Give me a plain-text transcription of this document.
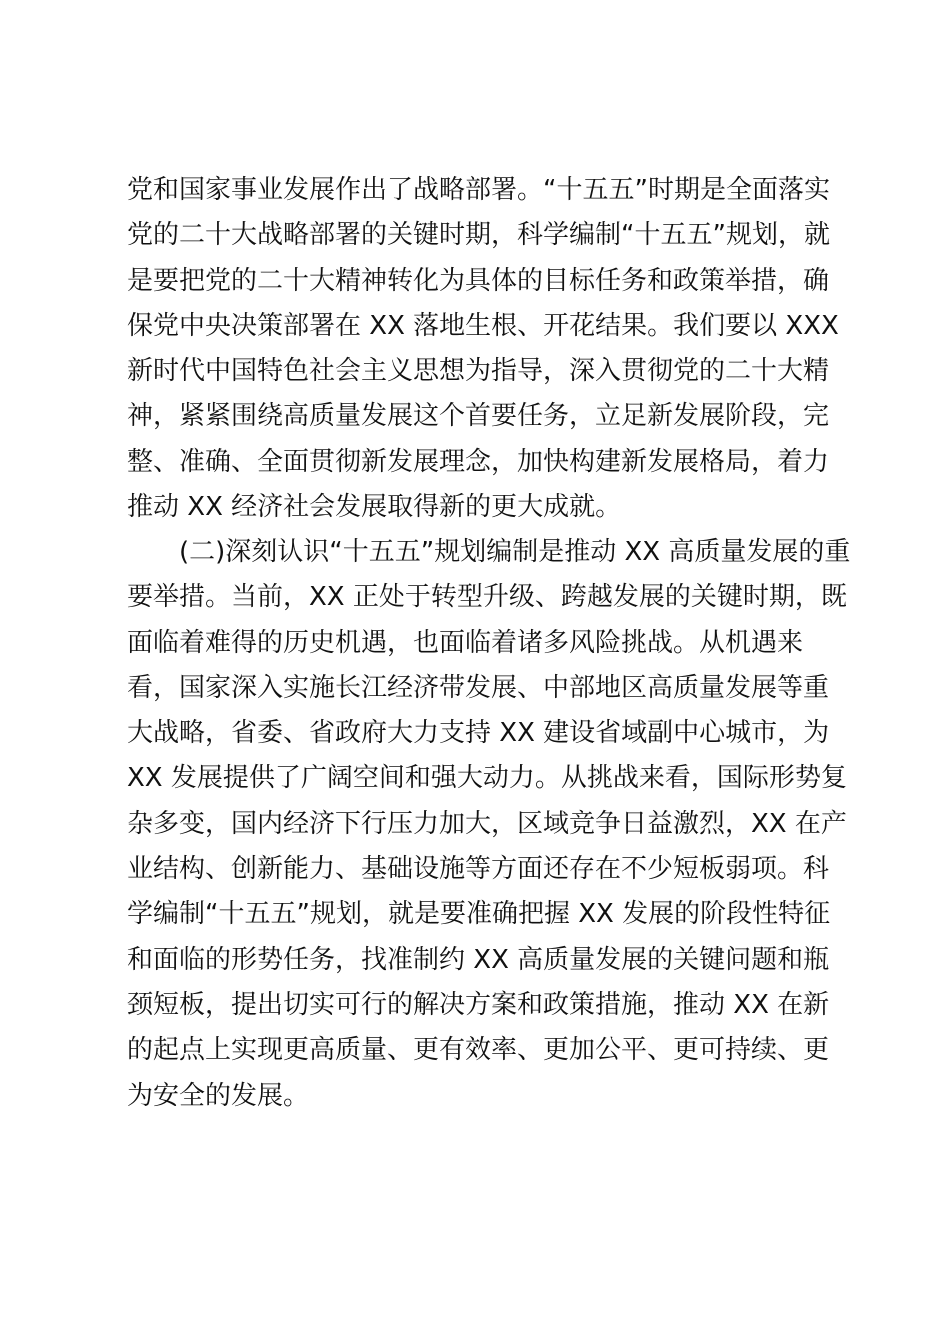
党和国家事业发展作出了战略部署。“十五五”时期是全面落实
党的二十大战略部署的关键时期，科学编制“十五五”规划，就
是要把党的二十大精神转化为具体的目标任务和政策举措，确
保党中央决策部署在 XX 落地生根、开花结果。我们要以 XXX
新时代中国特色社会主义思想为指导，深入贯彻党的二十大精
神，紧紧围绕高质量发展这个首要任务，立足新发展阶段，完
整、准确、全面贯彻新发展理念，加快构建新发展格局，着力
推动 XX 经济社会发展取得新的更大成就。
(二)深刻认识“十五五”规划编制是推动 XX 高质量发展的重
要举措。当前，XX 正处于转型升级、跨越发展的关键时期，既
面临着难得的历史机遇，也面临着诸多风险挑战。从机遇来
看，国家深入实施长江经济带发展、中部地区高质量发展等重
大战略，省委、省政府大力支持 XX 建设省域副中心城市，为
XX 发展提供了广阔空间和强大动力。从挑战来看，国际形势复
杂多变，国内经济下行压力加大，区域竞争日益激烈，XX 在产
业结构、创新能力、基础设施等方面还存在不少短板弱项。科
学编制“十五五”规划，就是要准确把握 XX 发展的阶段性特征
和面临的形势任务，找准制约 XX 高质量发展的关键问题和瓶
颈短板，提出切实可行的解决方案和政策措施，推动 XX 在新
的起点上实现更高质量、更有效率、更加公平、更可持续、更
为安全的发展。
